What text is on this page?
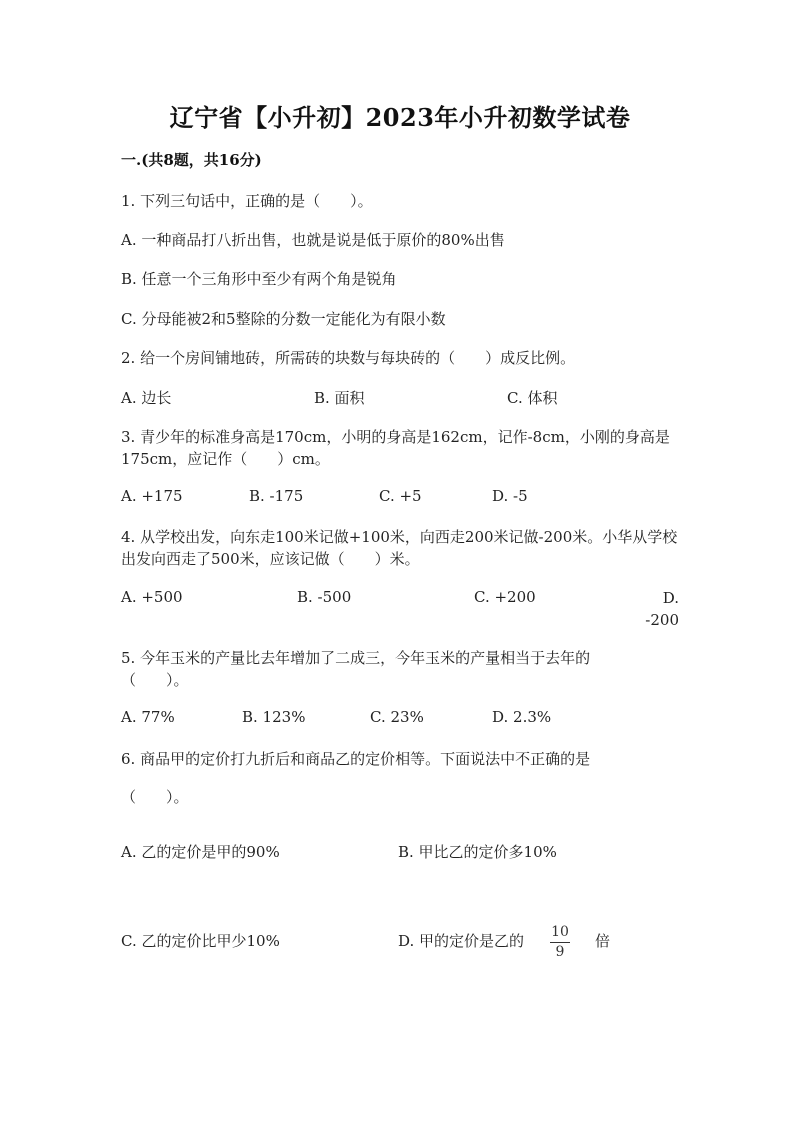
辽宁省【小升初】2023年小升初数学试卷
一.(共8题，共16分)
1. 下列三句话中，正确的是（　　）。
A. 一种商品打八折出售，也就是说是低于原价的80%出售
B. 任意一个三角形中至少有两个角是锐角
C. 分母能被2和5整除的分数一定能化为有限小数
2. 给一个房间铺地砖，所需砖的块数与每块砖的（　　）成反比例。
A. 边长	B. 面积	C. 体积
3. 青少年的标准身高是170cm，小明的身高是162cm，记作-8cm，小刚的身高是175cm，应记作（　　）cm。
A. +175	B. -175	C. +5	D. -5
4. 从学校出发，向东走100米记做+100米，向西走200米记做-200米。小华从学校出发向西走了500米，应该记做（　　）米。
A. +500	B. -500	C. +200	D. -200
5. 今年玉米的产量比去年增加了二成三，今年玉米的产量相当于去年的（　　）。
A. 77%	B. 123%	C. 23%	D. 2.3%
6. 商品甲的定价打九折后和商品乙的定价相等。下面说法中不正确的是
（　　）。
A. 乙的定价是甲的90%	B. 甲比乙的定价多10%
C. 乙的定价比甲少10%	D. 甲的定价是乙的 $\frac{10}{9}$ 倍
